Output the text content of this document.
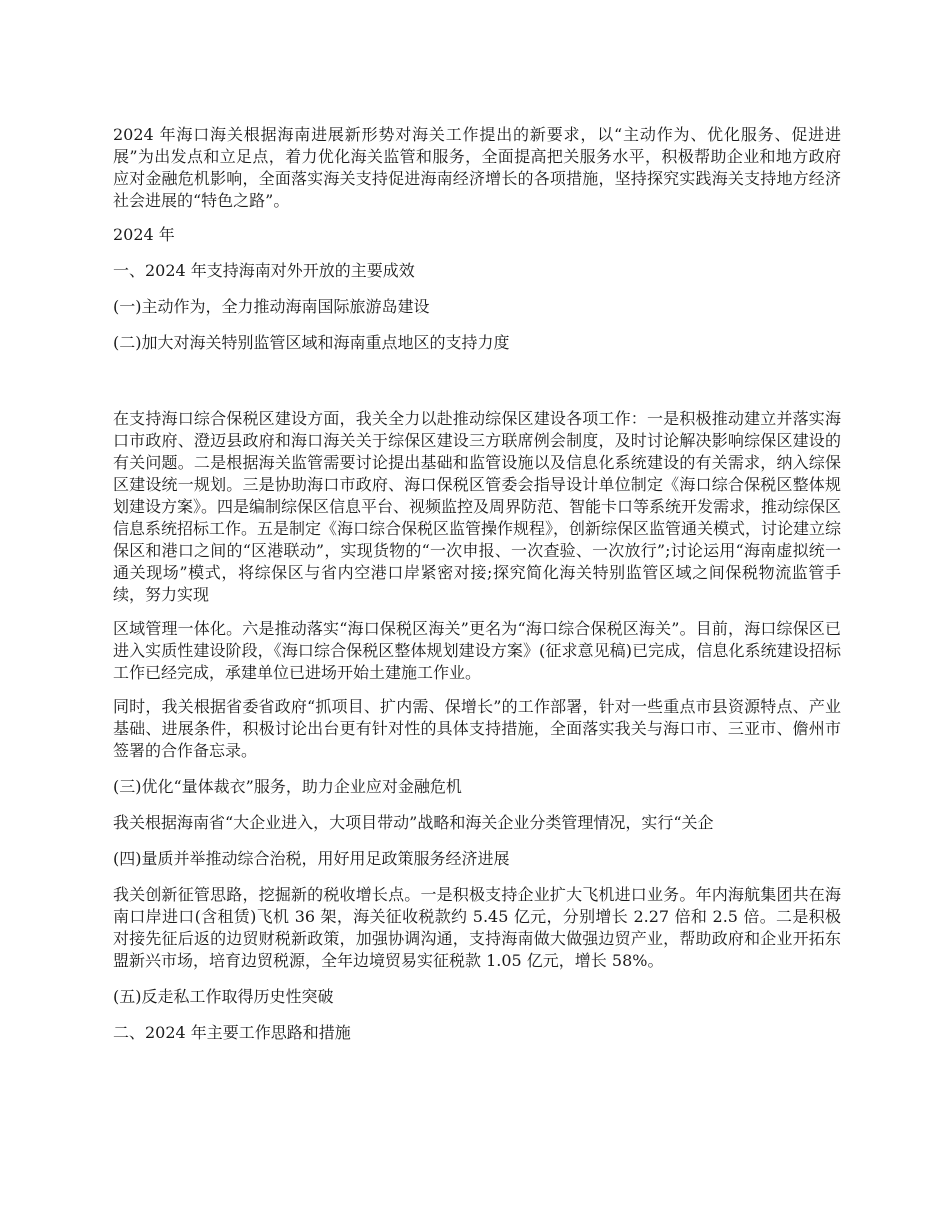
2024 年海口海关根据海南进展新形势对海关工作提出的新要求，以“主动作为、优化服务、促进进展”为出发点和立足点，着力优化海关监管和服务，全面提高把关服务水平，积极帮助企业和地方政府应对金融危机影响，全面落实海关支持促进海南经济增长的各项措施，坚持探究实践海关支持地方经济社会进展的“特色之路”。

2024 年

一、2024 年支持海南对外开放的主要成效

(一)主动作为，全力推动海南国际旅游岛建设

(二)加大对海关特别监管区域和海南重点地区的支持力度

在支持海口综合保税区建设方面，我关全力以赴推动综保区建设各项工作：一是积极推动建立并落实海口市政府、澄迈县政府和海口海关关于综保区建设三方联席例会制度，及时讨论解决影响综保区建设的有关问题。二是根据海关监管需要讨论提出基础和监管设施以及信息化系统建设的有关需求，纳入综保区建设统一规划。三是协助海口市政府、海口保税区管委会指导设计单位制定《海口综合保税区整体规划建设方案》。四是编制综保区信息平台、视频监控及周界防范、智能卡口等系统开发需求，推动综保区信息系统招标工作。五是制定《海口综合保税区监管操作规程》，创新综保区监管通关模式，讨论建立综保区和港口之间的“区港联动”，实现货物的“一次申报、一次查验、一次放行”;讨论运用“海南虚拟统一通关现场”模式，将综保区与省内空港口岸紧密对接;探究简化海关特别监管区域之间保税物流监管手续，努力实现

区域管理一体化。六是推动落实“海口保税区海关”更名为“海口综合保税区海关”。目前，海口综保区已进入实质性建设阶段，《海口综合保税区整体规划建设方案》(征求意见稿)已完成，信息化系统建设招标工作已经完成，承建单位已进场开始土建施工作业。

同时，我关根据省委省政府“抓项目、扩内需、保增长”的工作部署，针对一些重点市县资源特点、产业基础、进展条件，积极讨论出台更有针对性的具体支持措施，全面落实我关与海口市、三亚市、儋州市签署的合作备忘录。

(三)优化“量体裁衣”服务，助力企业应对金融危机

我关根据海南省“大企业进入，大项目带动”战略和海关企业分类管理情况，实行“关企

(四)量质并举推动综合治税，用好用足政策服务经济进展

我关创新征管思路，挖掘新的税收增长点。一是积极支持企业扩大飞机进口业务。年内海航集团共在海南口岸进口(含租赁)飞机 36 架，海关征收税款约 5.45 亿元，分别增长 2.27 倍和 2.5 倍。二是积极对接先征后返的边贸财税新政策，加强协调沟通，支持海南做大做强边贸产业，帮助政府和企业开拓东盟新兴市场，培育边贸税源，全年边境贸易实征税款 1.05 亿元，增长 58%。

(五)反走私工作取得历史性突破

二、2024 年主要工作思路和措施
